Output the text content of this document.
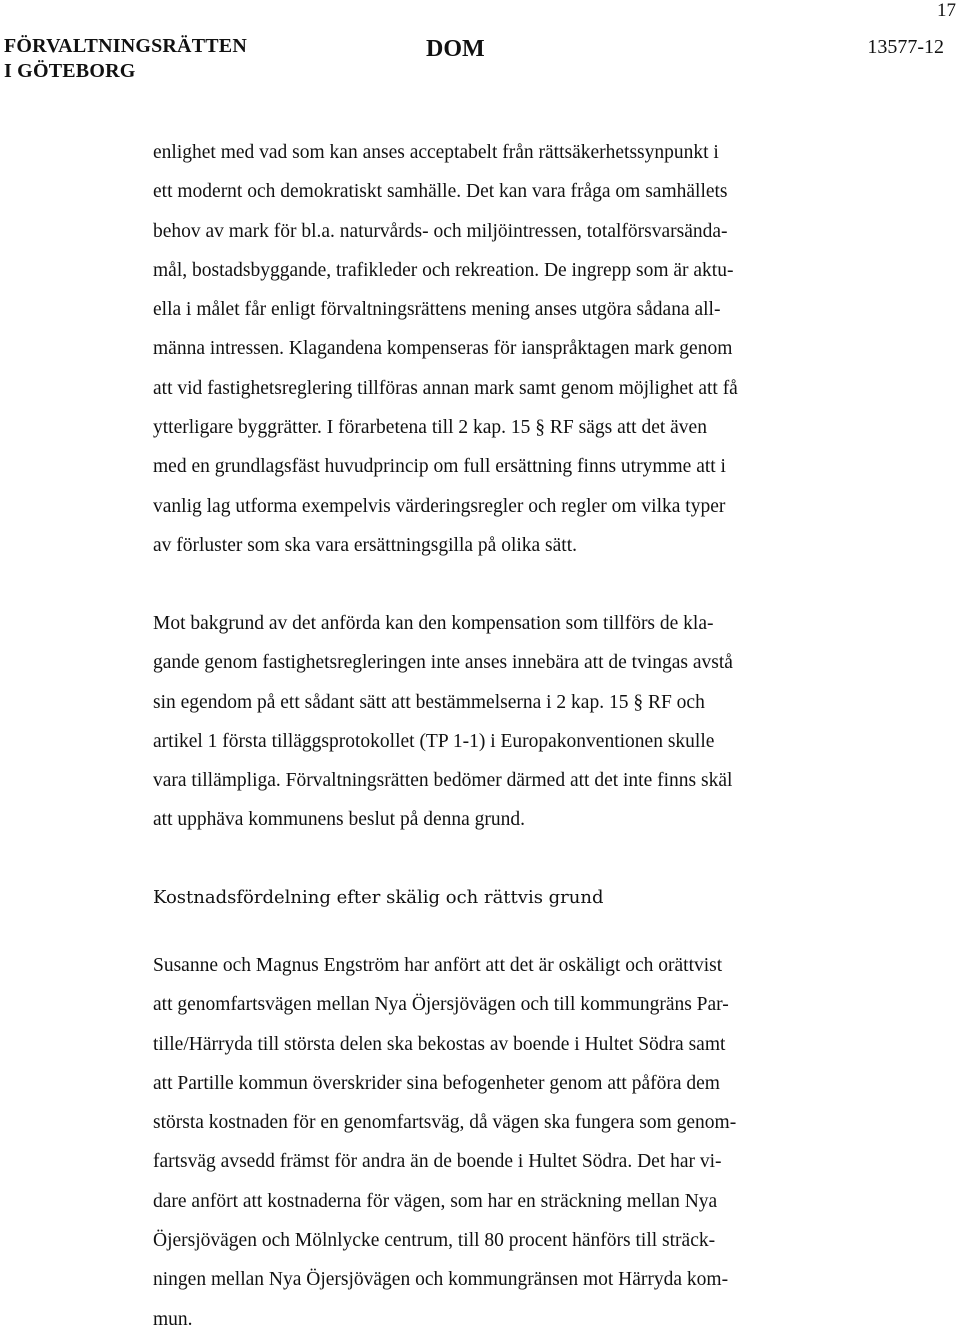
17
FÖRVALTNINGSRÄTTEN
I GÖTEBORG
DOM	13577-12
enlighet med vad som kan anses acceptabelt från rättsäkerhetssynpunkt i
ett modernt och demokratiskt samhälle. Det kan vara fråga om samhällets
behov av mark för bl.a. naturvårds- och miljöintressen, totalförsvarsända-
mål, bostadsbyggande, trafikleder och rekreation. De ingrepp som är aktu-
ella i målet får enligt förvaltningsrättens mening anses utgöra sådana all-
männa intressen. Klagandena kompenseras för ianspråktagen mark genom
att vid fastighetsreglering tillföras annan mark samt genom möjlighet att få
ytterligare byggrätter. I förarbetena till 2 kap. 15 § RF sägs att det även
med en grundlagsfäst huvudprincip om full ersättning finns utrymme att i
vanlig lag utforma exempelvis värderingsregler och regler om vilka typer
av förluster som ska vara ersättningsgilla på olika sätt.
Mot bakgrund av det anförda kan den kompensation som tillförs de kla-
gande genom fastighetsregleringen inte anses innebära att de tvingas avstå
sin egendom på ett sådant sätt att bestämmelserna i 2 kap. 15 § RF och
artikel 1 första tilläggsprotokollet (TP 1-1) i Europakonventionen skulle
vara tillämpliga. Förvaltningsrätten bedömer därmed att det inte finns skäl
att upphäva kommunens beslut på denna grund.
Kostnadsfördelning efter skälig och rättvis grund
Susanne och Magnus Engström har anfört att det är oskäligt och orättvist
att genomfartsvägen mellan Nya Öjersjövägen och till kommungräns Par-
tille/Härryda till största delen ska bekostas av boende i Hultet Södra samt
att Partille kommun överskrider sina befogenheter genom att påföra dem
största kostnaden för en genomfartsväg, då vägen ska fungera som genom-
fartsväg avsedd främst för andra än de boende i Hultet Södra. Det har vi-
dare anfört att kostnaderna för vägen, som har en sträckning mellan Nya
Öjersjövägen och Mölnlycke centrum, till 80 procent hänförs till sträck-
ningen mellan Nya Öjersjövägen och kommungränsen mot Härryda kom-
mun.
